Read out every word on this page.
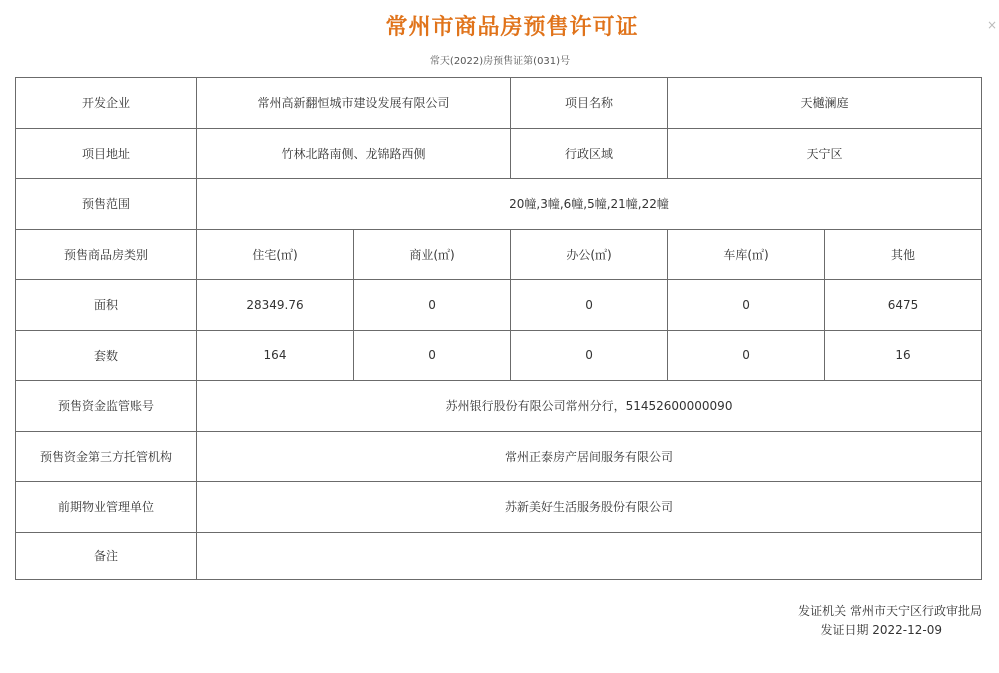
常州市商品房预售许可证
常天(2022)房预售证第(031)号
×
开发企业	常州高新翻恒城市建设发展有限公司		项目名称	天樾澜庭	
项目地址	竹林北路南侧、龙锦路西侧		行政区域	天宁区	
预售范围	20幢,3幢,6幢,5幢,21幢,22幢				
预售商品房类别	住宅(㎡)	商业(㎡)	办公(㎡)	车库(㎡)	其他
面积	28349.76	0	0	0	6475
套数	164	0	0	0	16
预售资金监管账号	苏州银行股份有限公司常州分行，51452600000090				
预售资金第三方托管机构	常州正泰房产居间服务有限公司				
前期物业管理单位	苏新美好生活服务股份有限公司				
备注					
发证机关 常州市天宁区行政审批局
发证日期 2022-12-09
